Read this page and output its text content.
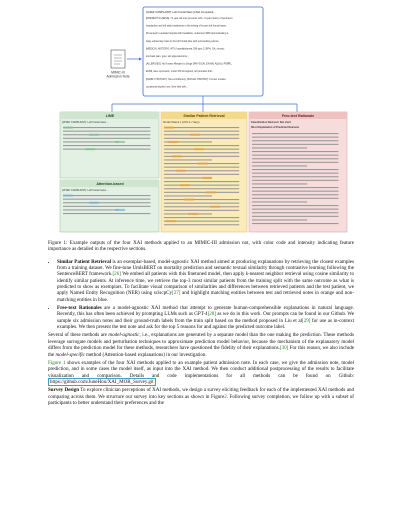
MIMIC-III
Admission Note
[CHIEF COMPLAINT]: Left Frontal Mass [Chief Complaint]...
[PRESENT ILLNESS]: 71 year old man presents with ~3 year history of persistent
headaches and left sided weakness in the setting of known left frontal mass.
Presented to outside hospital with headache, underwent MRI demonstrating a
large enhancing mass in the left frontal lobe with surrounding edema.
[MEDICAL HISTORY]: HTN, hyperlipidemia, DM type 2, BPH, OA, chronic
low back pain, gout, s/p appendectomy...
[ALLERGIES]: No Known Allergies to Drugs [PHYSICAL EXAM]: A&Ox3, PERRL,
EOMI, face symmetric, motor 5/5 throughout, left pronator drift...
[FAMILY HISTORY]: Non-contributory. [SOCIAL HISTORY]: Former smoker,
occasional alcohol use, lives with wife...
LIME
[CHIEF COMPLAINT]: Left frontal mass ...
Attention-based
[CHIEF COMPLAINT]: Left frontal mass ...
Similar Patient Retrieval
Similar Patient 1 (LOS 4–7 days)
Free-text Rationale
Classification Decision: Not short
Short Explanation of Predicted Outcome

Figure 1: Example outputs of the four XAI methods applied to an MIMIC-III admission not, with color code and intensity indicating feature importance as detailed in the respective sections.

• Similar Patient Retrieval is an exemplar-based, model-agnostic XAI method aimed at producing explanations by retrieving the closest examples from a training dataset. We fine-tune UmlsBERT on mortality prediction and semantic textual similarity through contrastive learning following the SentenceBERT framework.[26] We embed all patients with this finetuned model, then apply k-nearest neighbor retrieval using cosine similarity to identify similar patients. At inference time, we retrieve the top-3 most similar patients from the training split with the same outcome as what is predicted to show as exemplars. To facilitate visual comparison of similarities and differences between retrieved patients and the test patient, we apply Named Entity Recognition (NER) using sciscpCy[27] and highlight matching entities between test and retrieved notes in orange and non-matching entities in blue.
• Free-text Rationales are a model-agnostic XAI method that attempt to generate human-comprehensible explanations in natural language. Recently, this has often been achieved by prompting LLMs such as GPT-4[28] as we do in this work. Our prompts can be found in our Github. We sample six admission notes and their ground-truth labels from the train split based on the method proposed in Liu et al[29] for use as in-context examples. We then present the test note and ask for the top 5 reasons for and against the predicted outcome label.

Several of these methods are model-agnostic, i.e., explanations are generated by a separate model than the one making the prediction. These methods leverage surrogate models and perturbation techniques to approximate prediction model behavior, because the mechanism of the explanatory model differs from the prediction model for these methods, researchers have questioned the fidelity of their explanations.[30] For this reason, we also include the model-specific method (Attention-based explanations) in our investigation.

Figure 1 shows examples of the four XAI methods applied to an example patient admission note. In each case, we give the admission note, model prediction, and in some cases the model itself, as input into the XAI method. We then conduct additional postprocessing of the results to facilitate visualization and comparison. Details and code implementations for all methods can be found on Github: https://github.com/JuneHou/XAI_MOR_Survey.git

Survey Design To explore clinician perceptions of XAI methods, we design a survey eliciting feedback for each of the implemented XAI methods and comparing across them. We structure our survey into key sections as shown in Figure2. Following survey completion, we follow up with a subset of participants to better understand their preferences and the
